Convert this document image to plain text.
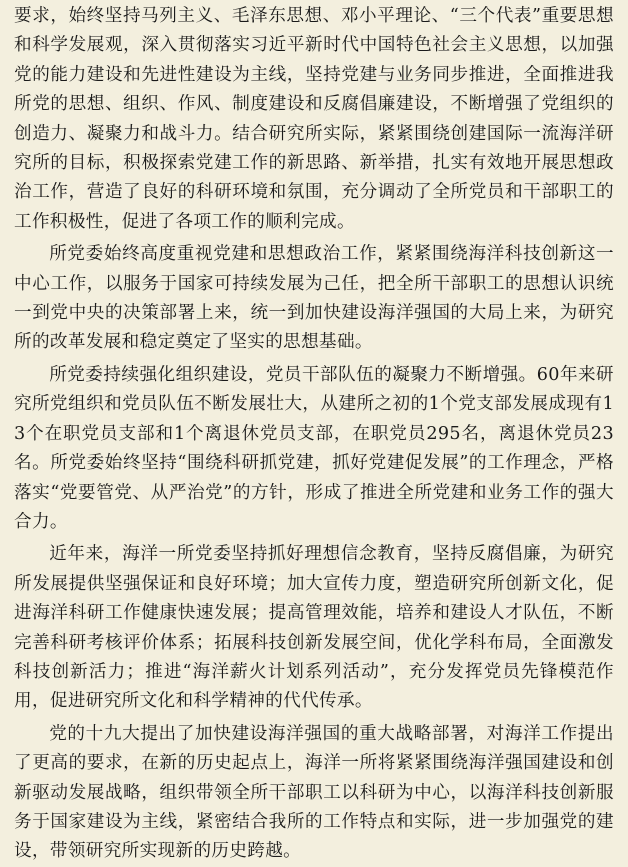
要求，始终坚持马列主义、毛泽东思想、邓小平理论、“三个代表”重要思想和科学发展观，深入贯彻落实习近平新时代中国特色社会主义思想，以加强党的能力建设和先进性建设为主线，坚持党建与业务同步推进，全面推进我所党的思想、组织、作风、制度建设和反腐倡廉建设，不断增强了党组织的创造力、凝聚力和战斗力。结合研究所实际，紧紧围绕创建国际一流海洋研究所的目标，积极探索党建工作的新思路、新举措，扎实有效地开展思想政治工作，营造了良好的科研环境和氛围，充分调动了全所党员和干部职工的工作积极性，促进了各项工作的顺利完成。

所党委始终高度重视党建和思想政治工作，紧紧围绕海洋科技创新这一中心工作，以服务于国家可持续发展为己任，把全所干部职工的思想认识统一到党中央的决策部署上来，统一到加快建设海洋强国的大局上来，为研究所的改革发展和稳定奠定了坚实的思想基础。

所党委持续强化组织建设，党员干部队伍的凝聚力不断增强。60年来研究所党组织和党员队伍不断发展壮大，从建所之初的1个党支部发展成现有13个在职党员支部和1个离退休党员支部，在职党员295名，离退休党员23名。所党委始终坚持“围绕科研抓党建，抓好党建促发展”的工作理念，严格落实“党要管党、从严治党”的方针，形成了推进全所党建和业务工作的强大合力。

近年来，海洋一所党委坚持抓好理想信念教育，坚持反腐倡廉，为研究所发展提供坚强保证和良好环境；加大宣传力度，塑造研究所创新文化，促进海洋科研工作健康快速发展；提高管理效能，培养和建设人才队伍，不断完善科研考核评价体系；拓展科技创新发展空间，优化学科布局，全面激发科技创新活力；推进“海洋薪火计划系列活动”，充分发挥党员先锋模范作用，促进研究所文化和科学精神的代代传承。

党的十九大提出了加快建设海洋强国的重大战略部署，对海洋工作提出了更高的要求，在新的历史起点上，海洋一所将紧紧围绕海洋强国建设和创新驱动发展战略，组织带领全所干部职工以科研为中心，以海洋科技创新服务于国家建设为主线，紧密结合我所的工作特点和实际，进一步加强党的建设，带领研究所实现新的历史跨越。
